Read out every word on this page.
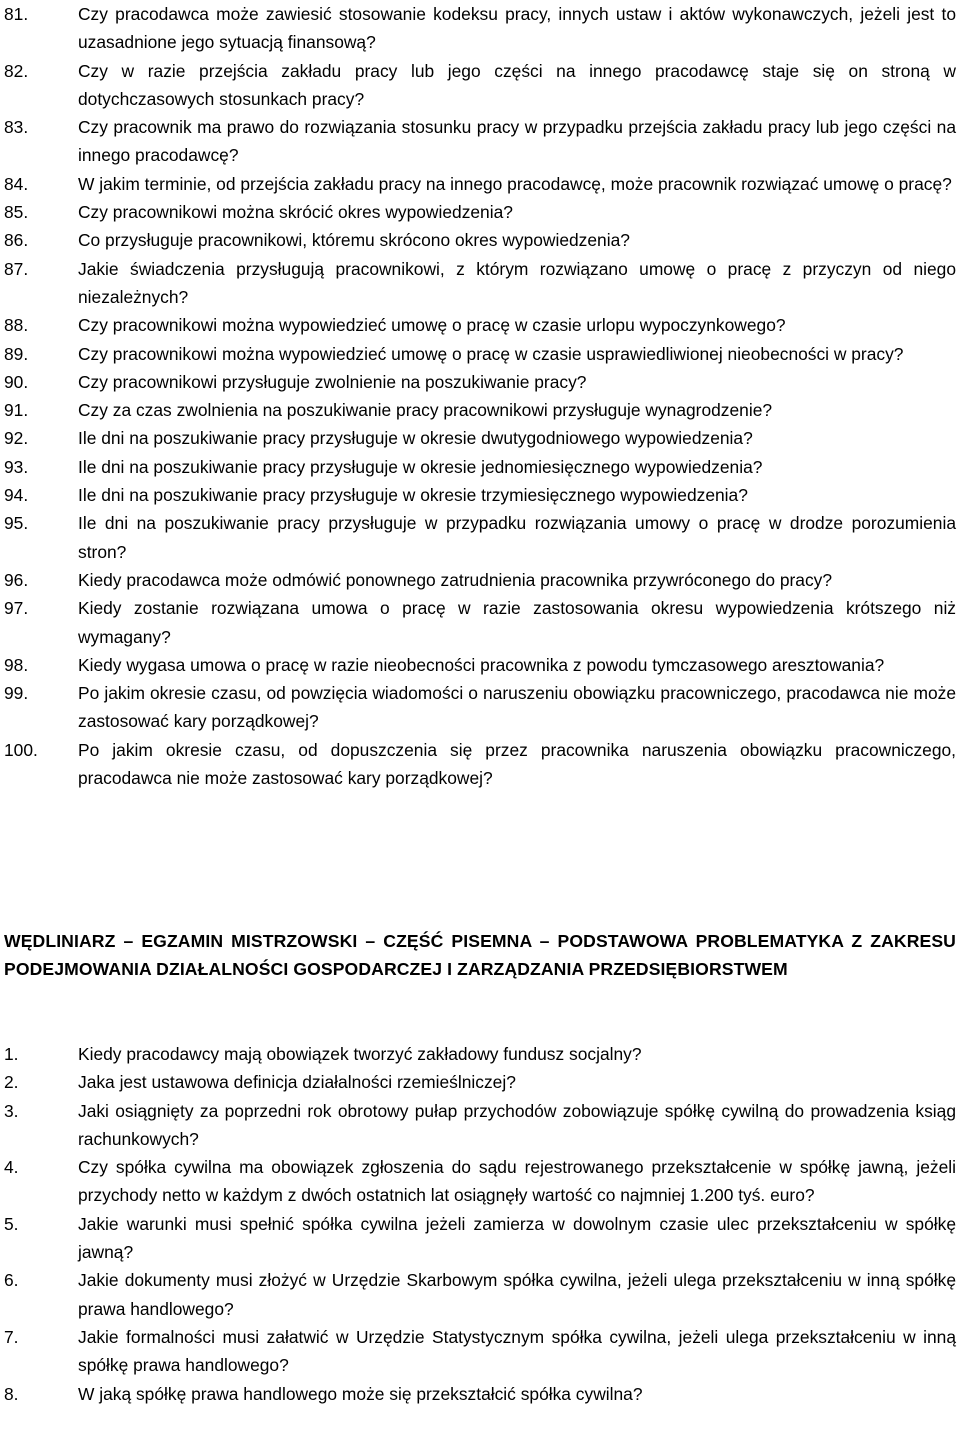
81.	Czy pracodawca może zawiesić stosowanie kodeksu pracy, innych ustaw i aktów wykonawczych, jeżeli jest to uzasadnione jego sytuacją finansową?
82.	Czy w razie przejścia zakładu pracy lub jego części na innego pracodawcę staje się on stroną w dotychczasowych stosunkach pracy?
83.	Czy pracownik ma prawo do rozwiązania stosunku pracy w przypadku przejścia zakładu pracy lub jego części na innego pracodawcę?
84.	W jakim terminie, od przejścia zakładu pracy na innego pracodawcę, może pracownik rozwiązać umowę o pracę?
85.	Czy pracownikowi można skrócić okres wypowiedzenia?
86.	Co przysługuje pracownikowi, któremu skrócono okres wypowiedzenia?
87.	Jakie świadczenia przysługują pracownikowi, z którym rozwiązano umowę o pracę z przyczyn od niego niezależnych?
88.	Czy pracownikowi można wypowiedzieć umowę o pracę w czasie urlopu wypoczynkowego?
89.	Czy pracownikowi można wypowiedzieć umowę o pracę w czasie usprawiedliwionej nieobecności w pracy?
90.	Czy pracownikowi przysługuje zwolnienie na poszukiwanie pracy?
91.	Czy za czas zwolnienia na poszukiwanie pracy pracownikowi przysługuje wynagrodzenie?
92.	Ile dni na poszukiwanie pracy przysługuje w okresie dwutygodniowego wypowiedzenia?
93.	Ile dni na poszukiwanie pracy przysługuje w okresie jednomiesięcznego wypowiedzenia?
94.	Ile dni na poszukiwanie pracy przysługuje w okresie trzymiesięcznego wypowiedzenia?
95.	Ile dni na poszukiwanie pracy przysługuje w przypadku rozwiązania umowy o pracę w drodze porozumienia stron?
96.	Kiedy pracodawca może odmówić ponownego zatrudnienia pracownika przywróconego do pracy?
97.	Kiedy zostanie rozwiązana umowa o pracę w razie zastosowania okresu wypowiedzenia krótszego niż wymagany?
98.	Kiedy wygasa umowa o pracę w razie nieobecności pracownika z powodu tymczasowego aresztowania?
99.	Po jakim okresie czasu, od powzięcia wiadomości o naruszeniu obowiązku pracowniczego, pracodawca nie może zastosować kary porządkowej?
100.	Po jakim okresie czasu, od dopuszczenia się przez pracownika naruszenia obowiązku pracowniczego, pracodawca nie może zastosować kary porządkowej?
WĘDLINIARZ – EGZAMIN MISTRZOWSKI – CZĘŚĆ PISEMNA – PODSTAWOWA PROBLEMATYKA Z ZAKRESU PODEJMOWANIA DZIAŁALNOŚCI GOSPODARCZEJ I ZARZĄDZANIA PRZEDSIĘBIORSTWEM
1.	Kiedy pracodawcy mają obowiązek tworzyć zakładowy fundusz socjalny?
2.	Jaka jest ustawowa definicja działalności rzemieślniczej?
3.	Jaki osiągnięty za poprzedni rok obrotowy pułap przychodów zobowiązuje spółkę cywilną do prowadzenia ksiąg rachunkowych?
4.	Czy spółka cywilna ma obowiązek zgłoszenia do sądu rejestrowanego przekształcenie w spółkę jawną, jeżeli przychody netto w każdym z dwóch ostatnich lat osiągnęły wartość co najmniej 1.200 tyś. euro?
5.	Jakie warunki musi spełnić spółka cywilna jeżeli zamierza w dowolnym czasie ulec przekształceniu w spółkę jawną?
6.	Jakie dokumenty musi złożyć w Urzędzie Skarbowym spółka cywilna, jeżeli ulega przekształceniu w inną spółkę prawa handlowego?
7.	Jakie formalności musi załatwić w Urzędzie Statystycznym spółka cywilna, jeżeli ulega przekształceniu w inną spółkę prawa handlowego?
8.	W jaką spółkę prawa handlowego może się przekształcić spółka cywilna?
